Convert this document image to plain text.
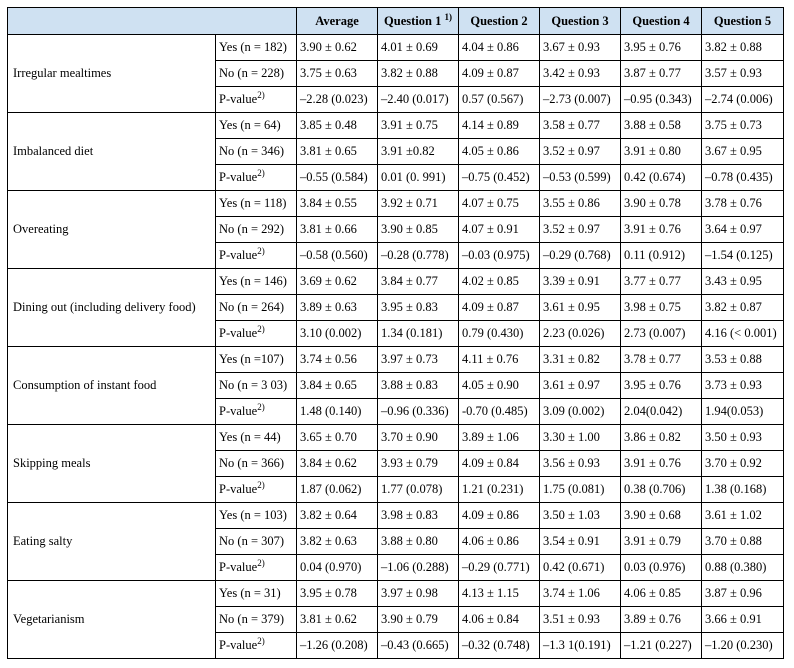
		Average	Question 1 $^{1)}$	Question 2	Question 3	Question 4	Question 5
Irregular mealtimes	Yes (n = 182)	3.90 ± 0.62	4.01 ± 0.69	4.04 ± 0.86	3.67 ± 0.93	3.95 ± 0.76	3.82 ± 0.88
	No (n = 228)	3.75 ± 0.63	3.82 ± 0.88	4.09 ± 0.87	3.42 ± 0.93	3.87 ± 0.77	3.57 ± 0.93
	P-value$^{2)}$	–2.28 (0.023)	–2.40 (0.017)	0.57 (0.567)	–2.73 (0.007)	–0.95 (0.343)	–2.74 (0.006)
Imbalanced diet	Yes (n = 64)	3.85 ± 0.48	3.91 ± 0.75	4.14 ± 0.89	3.58 ± 0.77	3.88 ± 0.58	3.75 ± 0.73
	No (n = 346)	3.81 ± 0.65	3.91 ±0.82	4.05 ± 0.86	3.52 ± 0.97	3.91 ± 0.80	3.67 ± 0.95
	P-value$^{2)}$	–0.55 (0.584)	0.01 (0. 991)	–0.75 (0.452)	–0.53 (0.599)	0.42 (0.674)	–0.78 (0.435)
Overeating	Yes (n = 118)	3.84 ± 0.55	3.92 ± 0.71	4.07 ± 0.75	3.55 ± 0.86	3.90 ± 0.78	3.78 ± 0.76
	No (n = 292)	3.81 ± 0.66	3.90 ± 0.85	4.07 ± 0.91	3.52 ± 0.97	3.91 ± 0.76	3.64 ± 0.97
	P-value$^{2)}$	–0.58 (0.560)	–0.28 (0.778)	–0.03 (0.975)	–0.29 (0.768)	0.11 (0.912)	–1.54 (0.125)
Dining out (including delivery food)	Yes (n = 146)	3.69 ± 0.62	3.84 ± 0.77	4.02 ± 0.85	3.39 ± 0.91	3.77 ± 0.77	3.43 ± 0.95
	No (n = 264)	3.89 ± 0.63	3.95 ± 0.83	4.09 ± 0.87	3.61 ± 0.95	3.98 ± 0.75	3.82 ± 0.87
	P-value$^{2)}$	3.10 (0.002)	1.34 (0.181)	0.79 (0.430)	2.23 (0.026)	2.73 (0.007)	4.16 (< 0.001)
Consumption of instant food	Yes (n =107)	3.74 ± 0.56	3.97 ± 0.73	4.11 ± 0.76	3.31 ± 0.82	3.78 ± 0.77	3.53 ± 0.88
	No (n = 3 03)	3.84 ± 0.65	3.88 ± 0.83	4.05 ± 0.90	3.61 ± 0.97	3.95 ± 0.76	3.73 ± 0.93
	P-value$^{2)}$	1.48 (0.140)	–0.96 (0.336)	-0.70 (0.485)	3.09 (0.002)	2.04(0.042)	1.94(0.053)
Skipping meals	Yes (n = 44)	3.65 ± 0.70	3.70 ± 0.90	3.89 ± 1.06	3.30 ± 1.00	3.86 ± 0.82	3.50 ± 0.93
	No (n = 366)	3.84 ± 0.62	3.93 ± 0.79	4.09 ± 0.84	3.56 ± 0.93	3.91 ± 0.76	3.70 ± 0.92
	P-value$^{2)}$	1.87 (0.062)	1.77 (0.078)	1.21 (0.231)	1.75 (0.081)	0.38 (0.706)	1.38 (0.168)
Eating salty	Yes (n = 103)	3.82 ± 0.64	3.98 ± 0.83	4.09 ± 0.86	3.50 ± 1.03	3.90 ± 0.68	3.61 ± 1.02
	No (n = 307)	3.82 ± 0.63	3.88 ± 0.80	4.06 ± 0.86	3.54 ± 0.91	3.91 ± 0.79	3.70 ± 0.88
	P-value$^{2)}$	0.04 (0.970)	–1.06 (0.288)	–0.29 (0.771)	0.42 (0.671)	0.03 (0.976)	0.88 (0.380)
Vegetarianism	Yes (n = 31)	3.95 ± 0.78	3.97 ± 0.98	4.13 ± 1.15	3.74 ± 1.06	4.06 ± 0.85	3.87 ± 0.96
	No (n = 379)	3.81 ± 0.62	3.90 ± 0.79	4.06 ± 0.84	3.51 ± 0.93	3.89 ± 0.76	3.66 ± 0.91
	P-value$^{2)}$	–1.26 (0.208)	–0.43 (0.665)	–0.32 (0.748)	–1.3 1(0.191)	–1.21 (0.227)	–1.20 (0.230)
